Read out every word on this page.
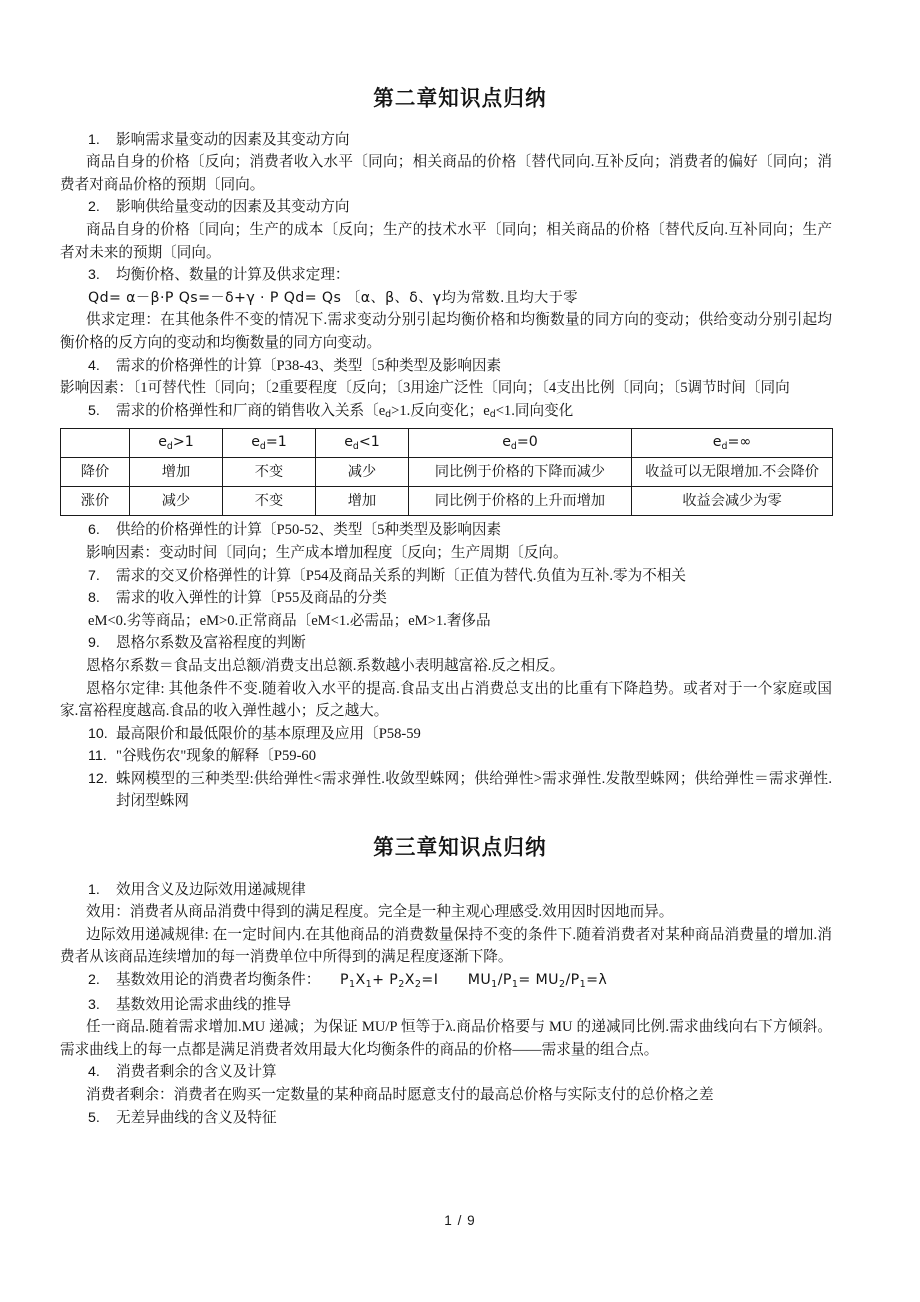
第二章知识点归纳
1.	影响需求量变动的因素及其变动方向
商品自身的价格〔反向；消费者收入水平〔同向；相关商品的价格〔替代同向.互补反向；消费者的偏好〔同向；消费者对商品价格的预期〔同向。
2.	影响供给量变动的因素及其变动方向
商品自身的价格〔同向；生产的成本〔反向；生产的技术水平〔同向；相关商品的价格〔替代反向.互补同向；生产者对未来的预期〔同向。
3.	均衡价格、数量的计算及供求定理：
Qd= α－β·P Qs=－δ+γ · P Qd= Qs 〔α、β、δ、γ均为常数.且均大于零
供求定理：在其他条件不变的情况下.需求变动分别引起均衡价格和均衡数量的同方向的变动；供给变动分别引起均衡价格的反方向的变动和均衡数量的同方向变动。
4.	需求的价格弹性的计算〔P38-43、类型〔5种类型及影响因素
影响因素：〔1可替代性〔同向；〔2重要程度〔反向；〔3用途广泛性〔同向；〔4支出比例〔同向；〔5调节时间〔同向
5.	需求的价格弹性和厂商的销售收入关系〔$e_d>1$.反向变化；$e_d<1$.同向变化
	$e_d>1$	$e_d=1$	$e_d<1$	$e_d=0$	$e_d=\infty$
降价	增加	不变	减少	同比例于价格的下降而减少	收益可以无限增加.不会降价
涨价	减少	不变	增加	同比例于价格的上升而增加	收益会减少为零
6.	供给的价格弹性的计算〔P50-52、类型〔5种类型及影响因素
影响因素：变动时间〔同向；生产成本增加程度〔反向；生产周期〔反向。
7.	需求的交叉价格弹性的计算〔P54及商品关系的判断〔正值为替代.负值为互补.零为不相关
8.	需求的收入弹性的计算〔P55及商品的分类
eM<0.劣等商品；eM>0.正常商品〔eM<1.必需品；eM>1.奢侈品
9.	恩格尔系数及富裕程度的判断
恩格尔系数＝食品支出总额/消费支出总额.系数越小表明越富裕.反之相反。
恩格尔定律: 其他条件不变.随着收入水平的提高.食品支出占消费总支出的比重有下降趋势。或者对于一个家庭或国家.富裕程度越高.食品的收入弹性越小；反之越大。
10. 最高限价和最低限价的基本原理及应用〔P58-59
11. "谷贱伤农"现象的解释〔P59-60
12. 蛛网模型的三种类型:供给弹性<需求弹性.收敛型蛛网；供给弹性>需求弹性.发散型蛛网；供给弹性＝需求弹性.封闭型蛛网
第三章知识点归纳
1.	效用含义及边际效用递减规律
效用：消费者从商品消费中得到的满足程度。完全是一种主观心理感受.效用因时因地而异。
边际效用递减规律: 在一定时间内.在其他商品的消费数量保持不变的条件下.随着消费者对某种商品消费量的增加.消费者从该商品连续增加的每一消费单位中所得到的满足程度逐渐下降。
2.	基数效用论的消费者均衡条件：    $P_1X_1+ P_2X_2=I$      $MU_1/P_1= MU_2/P_1=\lambda$
3.	基数效用论需求曲线的推导
任一商品.随着需求增加.MU 递减；为保证 MU/P 恒等于λ.商品价格要与 MU 的递减同比例.需求曲线向右下方倾斜。需求曲线上的每一点都是满足消费者效用最大化均衡条件的商品的价格——需求量的组合点。
4.	消费者剩余的含义及计算
消费者剩余：消费者在购买一定数量的某种商品时愿意支付的最高总价格与实际支付的总价格之差
5.	无差异曲线的含义及特征
1 / 9
